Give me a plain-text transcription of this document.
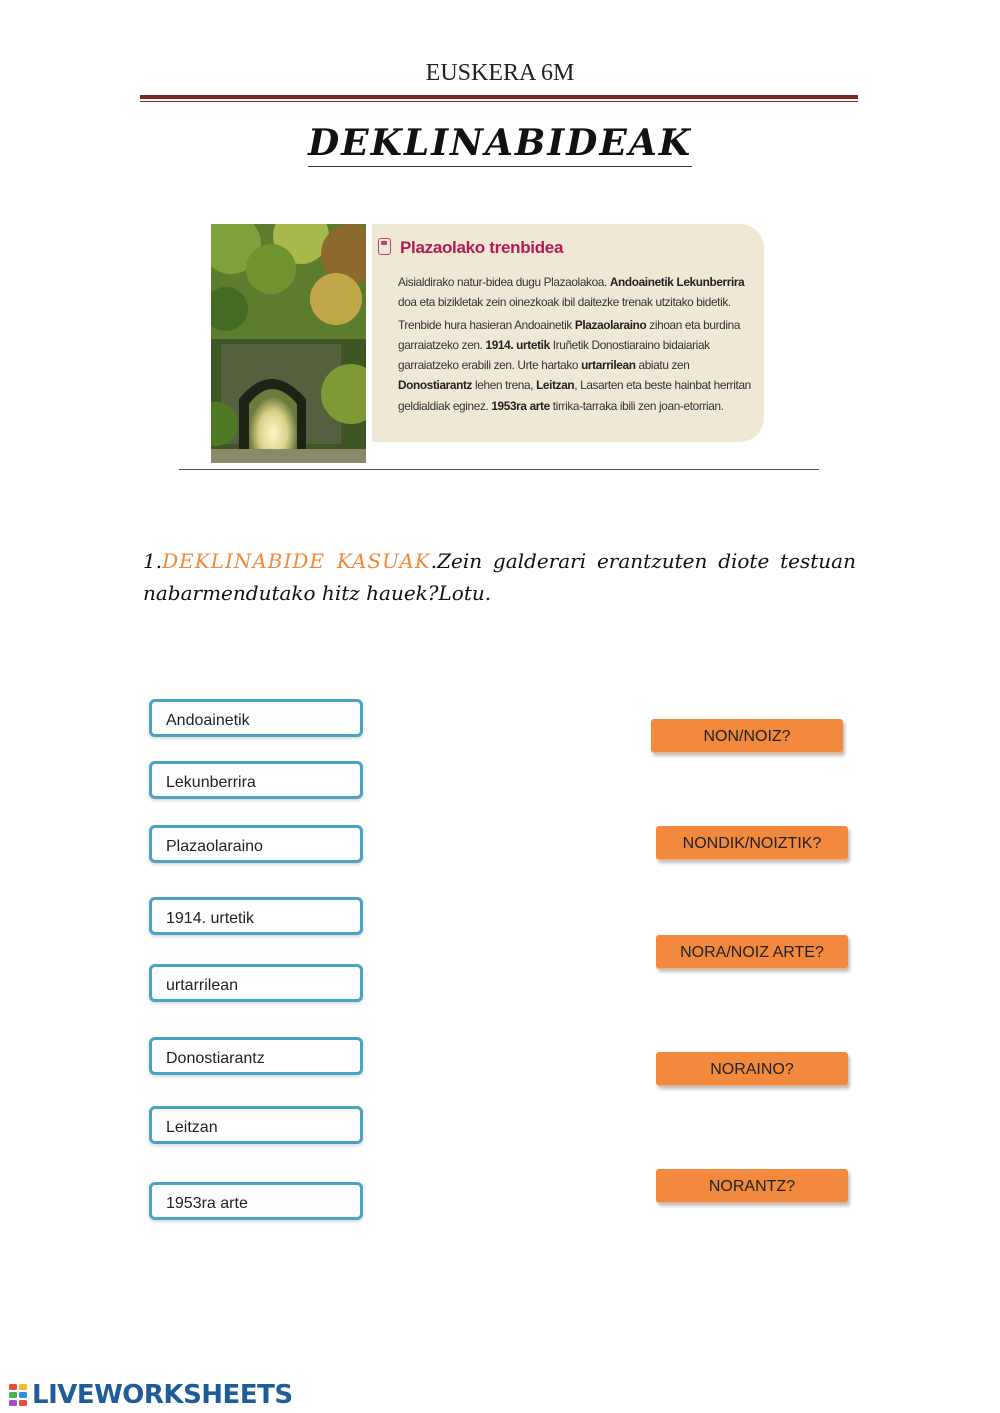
EUSKERA 6M
DEKLINABIDEAK
Plazaolako trenbidea

Aisialdirako natur-bidea dugu Plazaolakoa. Andoainetik Lekunberrira doa eta bizikletak zein oinezkoak ibil daitezke trenak utzitako bidetik.

Trenbide hura hasieran Andoainetik Plazaolaraino zihoan eta burdina garraiatzeko zen. 1914. urtetik Iruñetik Donostiaraino bidaiariak garraiatzeko erabili zen. Urte hartako urtarrilean abiatu zen Donostiarantz lehen trena, Leitzan, Lasarten eta beste hainbat herritan geldialdiak eginez. 1953ra arte tirrika-tarraka ibili zen joan-etorrian.

1.DEKLINABIDE KASUAK.Zein galderari erantzuten diote testuan nabarmendutako hitz hauek?Lotu.
Andoainetik
Lekunberrira
Plazaolaraino
1914. urtetik
urtarrilean
Donostiarantz
Leitzan
1953ra arte
NON/NOIZ?
NONDIK/NOIZTIK?
NORA/NOIZ ARTE?
NORAINO?
NORANTZ?
LIVEWORKSHEETS
